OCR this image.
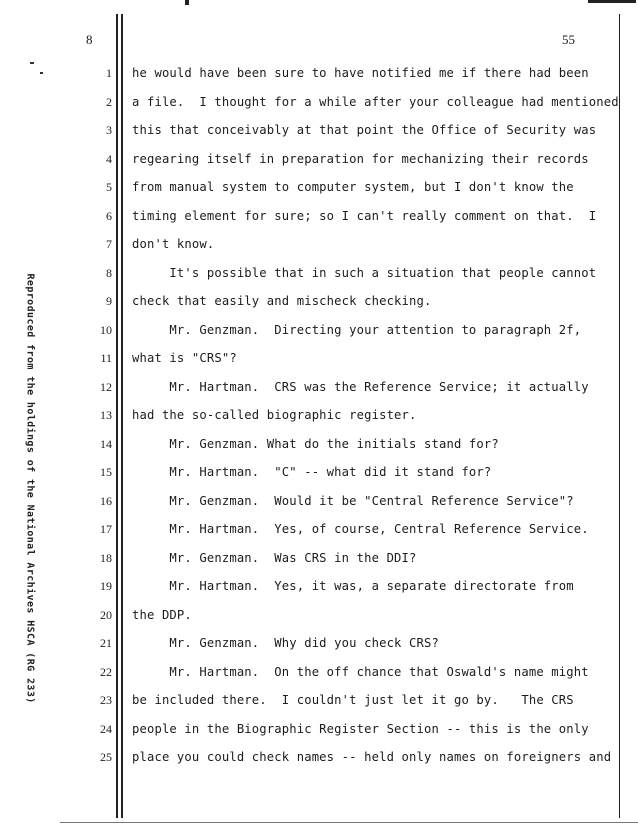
8	55
Reproduced from the holdings of the National Archives HSCA (RG 233)
1
2
3
4
5
6
7
8
9
10
11
12
13
14
15
16
17
18
19
20
21
22
23
24
25
he would have been sure to have notified me if there had been
a file.  I thought for a while after your colleague had mentioned
this that conceivably at that point the Office of Security was
regearing itself in preparation for mechanizing their records
from manual system to computer system, but I don't know the
timing element for sure; so I can't really comment on that.  I
don't know.
It's possible that in such a situation that people cannot
check that easily and mischeck checking.
Mr. Genzman.  Directing your attention to paragraph 2f,
what is "CRS"?
Mr. Hartman.  CRS was the Reference Service; it actually
had the so-called biographic register.
Mr. Genzman. What do the initials stand for?
Mr. Hartman.  "C" -- what did it stand for?
Mr. Genzman.  Would it be "Central Reference Service"?
Mr. Hartman.  Yes, of course, Central Reference Service.
Mr. Genzman.  Was CRS in the DDI?
Mr. Hartman.  Yes, it was, a separate directorate from
the DDP.
Mr. Genzman.  Why did you check CRS?
Mr. Hartman.  On the off chance that Oswald's name might
be included there.  I couldn't just let it go by.   The CRS
people in the Biographic Register Section -- this is the only
place you could check names -- held only names on foreigners and
